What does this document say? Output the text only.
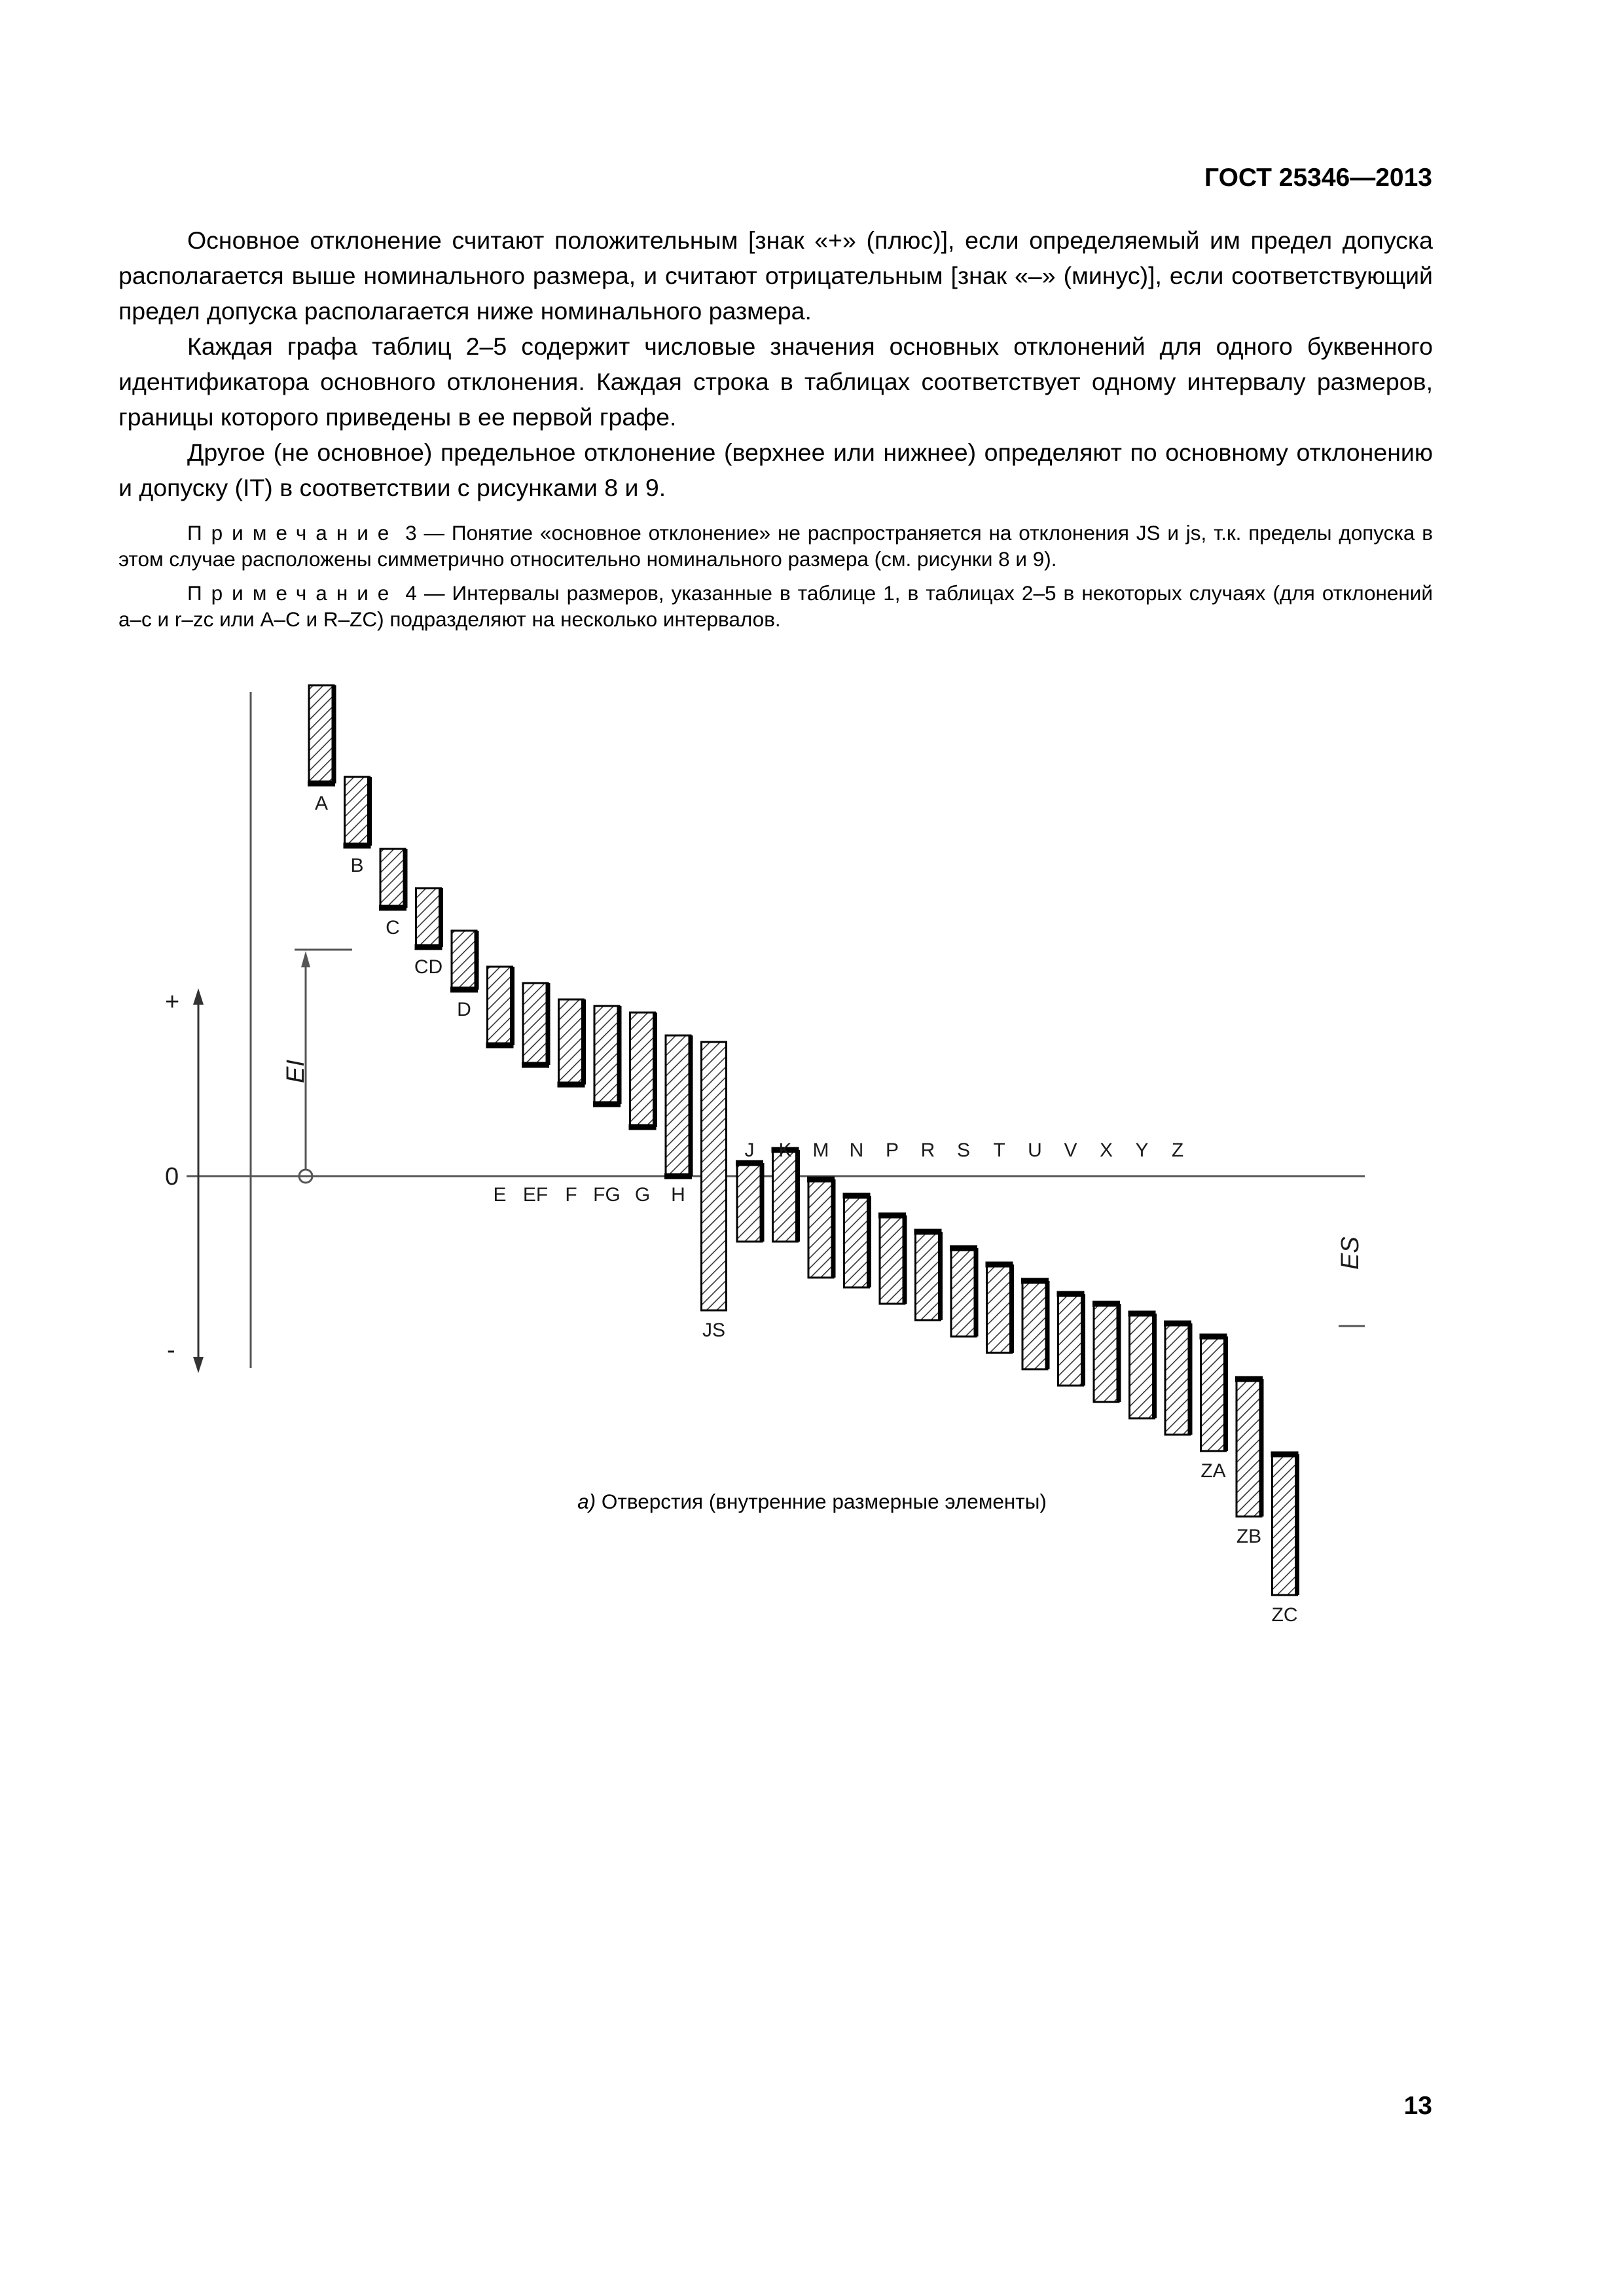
ГОСТ 25346—2013

Основное отклонение считают положительным [знак «+» (плюс)], если определяемый им предел допуска располагается выше номинального размера, и считают отрицательным [знак «–» (минус)], если соответствующий предел допуска располагается ниже номинального размера.

Каждая графа таблиц 2–5 содержит числовые значения основных отклонений для одного буквенного идентификатора основного отклонения. Каждая строка в таблицах соответствует одному интервалу размеров, границы которого приведены в ее первой графе.

Другое (не основное) предельное отклонение (верхнее или нижнее) определяют по основному отклонению и допуску (IT) в соответствии с рисунками 8 и 9.

Примечание 3 — Понятие «основное отклонение» не распространяется на отклонения JS и js, т.к. пределы допуска в этом случае расположены симметрично относительно номинального размера (см. рисунки 8 и 9).

Примечание 4 — Интервалы размеров, указанные в таблице 1, в таблицах 2–5 в некоторых случаях (для отклонений a–c и r–zc или A–C и R–ZC) подразделяют на несколько интервалов.

+
-
0
EI
ES
A
B
C
CD
D
E EF F FG G H
JS
J K M N P R S T U V X Y Z
ZA
ZB
ZC
а) Отверстия (внутренние размерные элементы)
13
